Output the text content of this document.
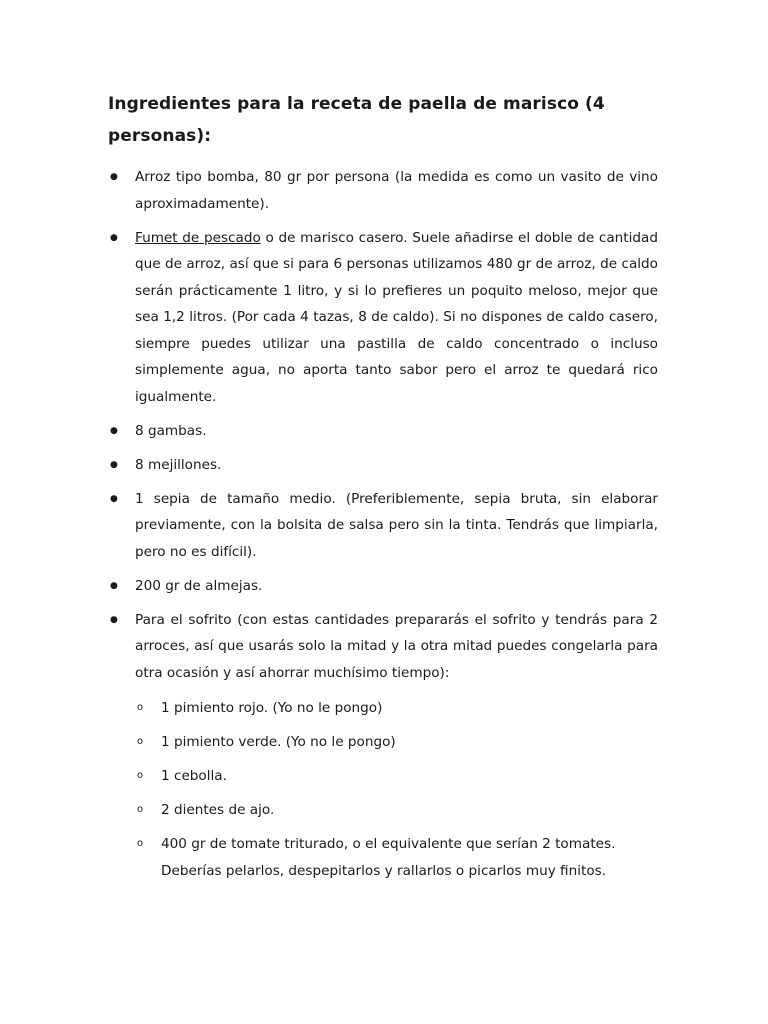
Ingredientes para la receta de paella de marisco (4 personas):
● Arroz tipo bomba, 80 gr por persona (la medida es como un vasito de vino aproximadamente).
● Fumet de pescado o de marisco casero. Suele añadirse el doble de cantidad que de arroz, así que si para 6 personas utilizamos 480 gr de arroz, de caldo serán prácticamente 1 litro, y si lo prefieres un poquito meloso, mejor que sea 1,2 litros. (Por cada 4 tazas, 8 de caldo). Si no dispones de caldo casero, siempre puedes utilizar una pastilla de caldo concentrado o incluso simplemente agua, no aporta tanto sabor pero el arroz te quedará rico igualmente.
● 8 gambas.
● 8 mejillones.
● 1 sepia de tamaño medio. (Preferiblemente, sepia bruta, sin elaborar previamente, con la bolsita de salsa pero sin la tinta. Tendrás que limpiarla, pero no es difícil).
● 200 gr de almejas.
● Para el sofrito (con estas cantidades prepararás el sofrito y tendrás para 2 arroces, así que usarás solo la mitad y la otra mitad puedes congelarla para otra ocasión y así ahorrar muchísimo tiempo):
o 1 pimiento rojo. (Yo no le pongo)
o 1 pimiento verde. (Yo no le pongo)
o 1 cebolla.
o 2 dientes de ajo.
o 400 gr de tomate triturado, o el equivalente que serían 2 tomates. Deberías pelarlos, despepitarlos y rallarlos o picarlos muy finitos.
